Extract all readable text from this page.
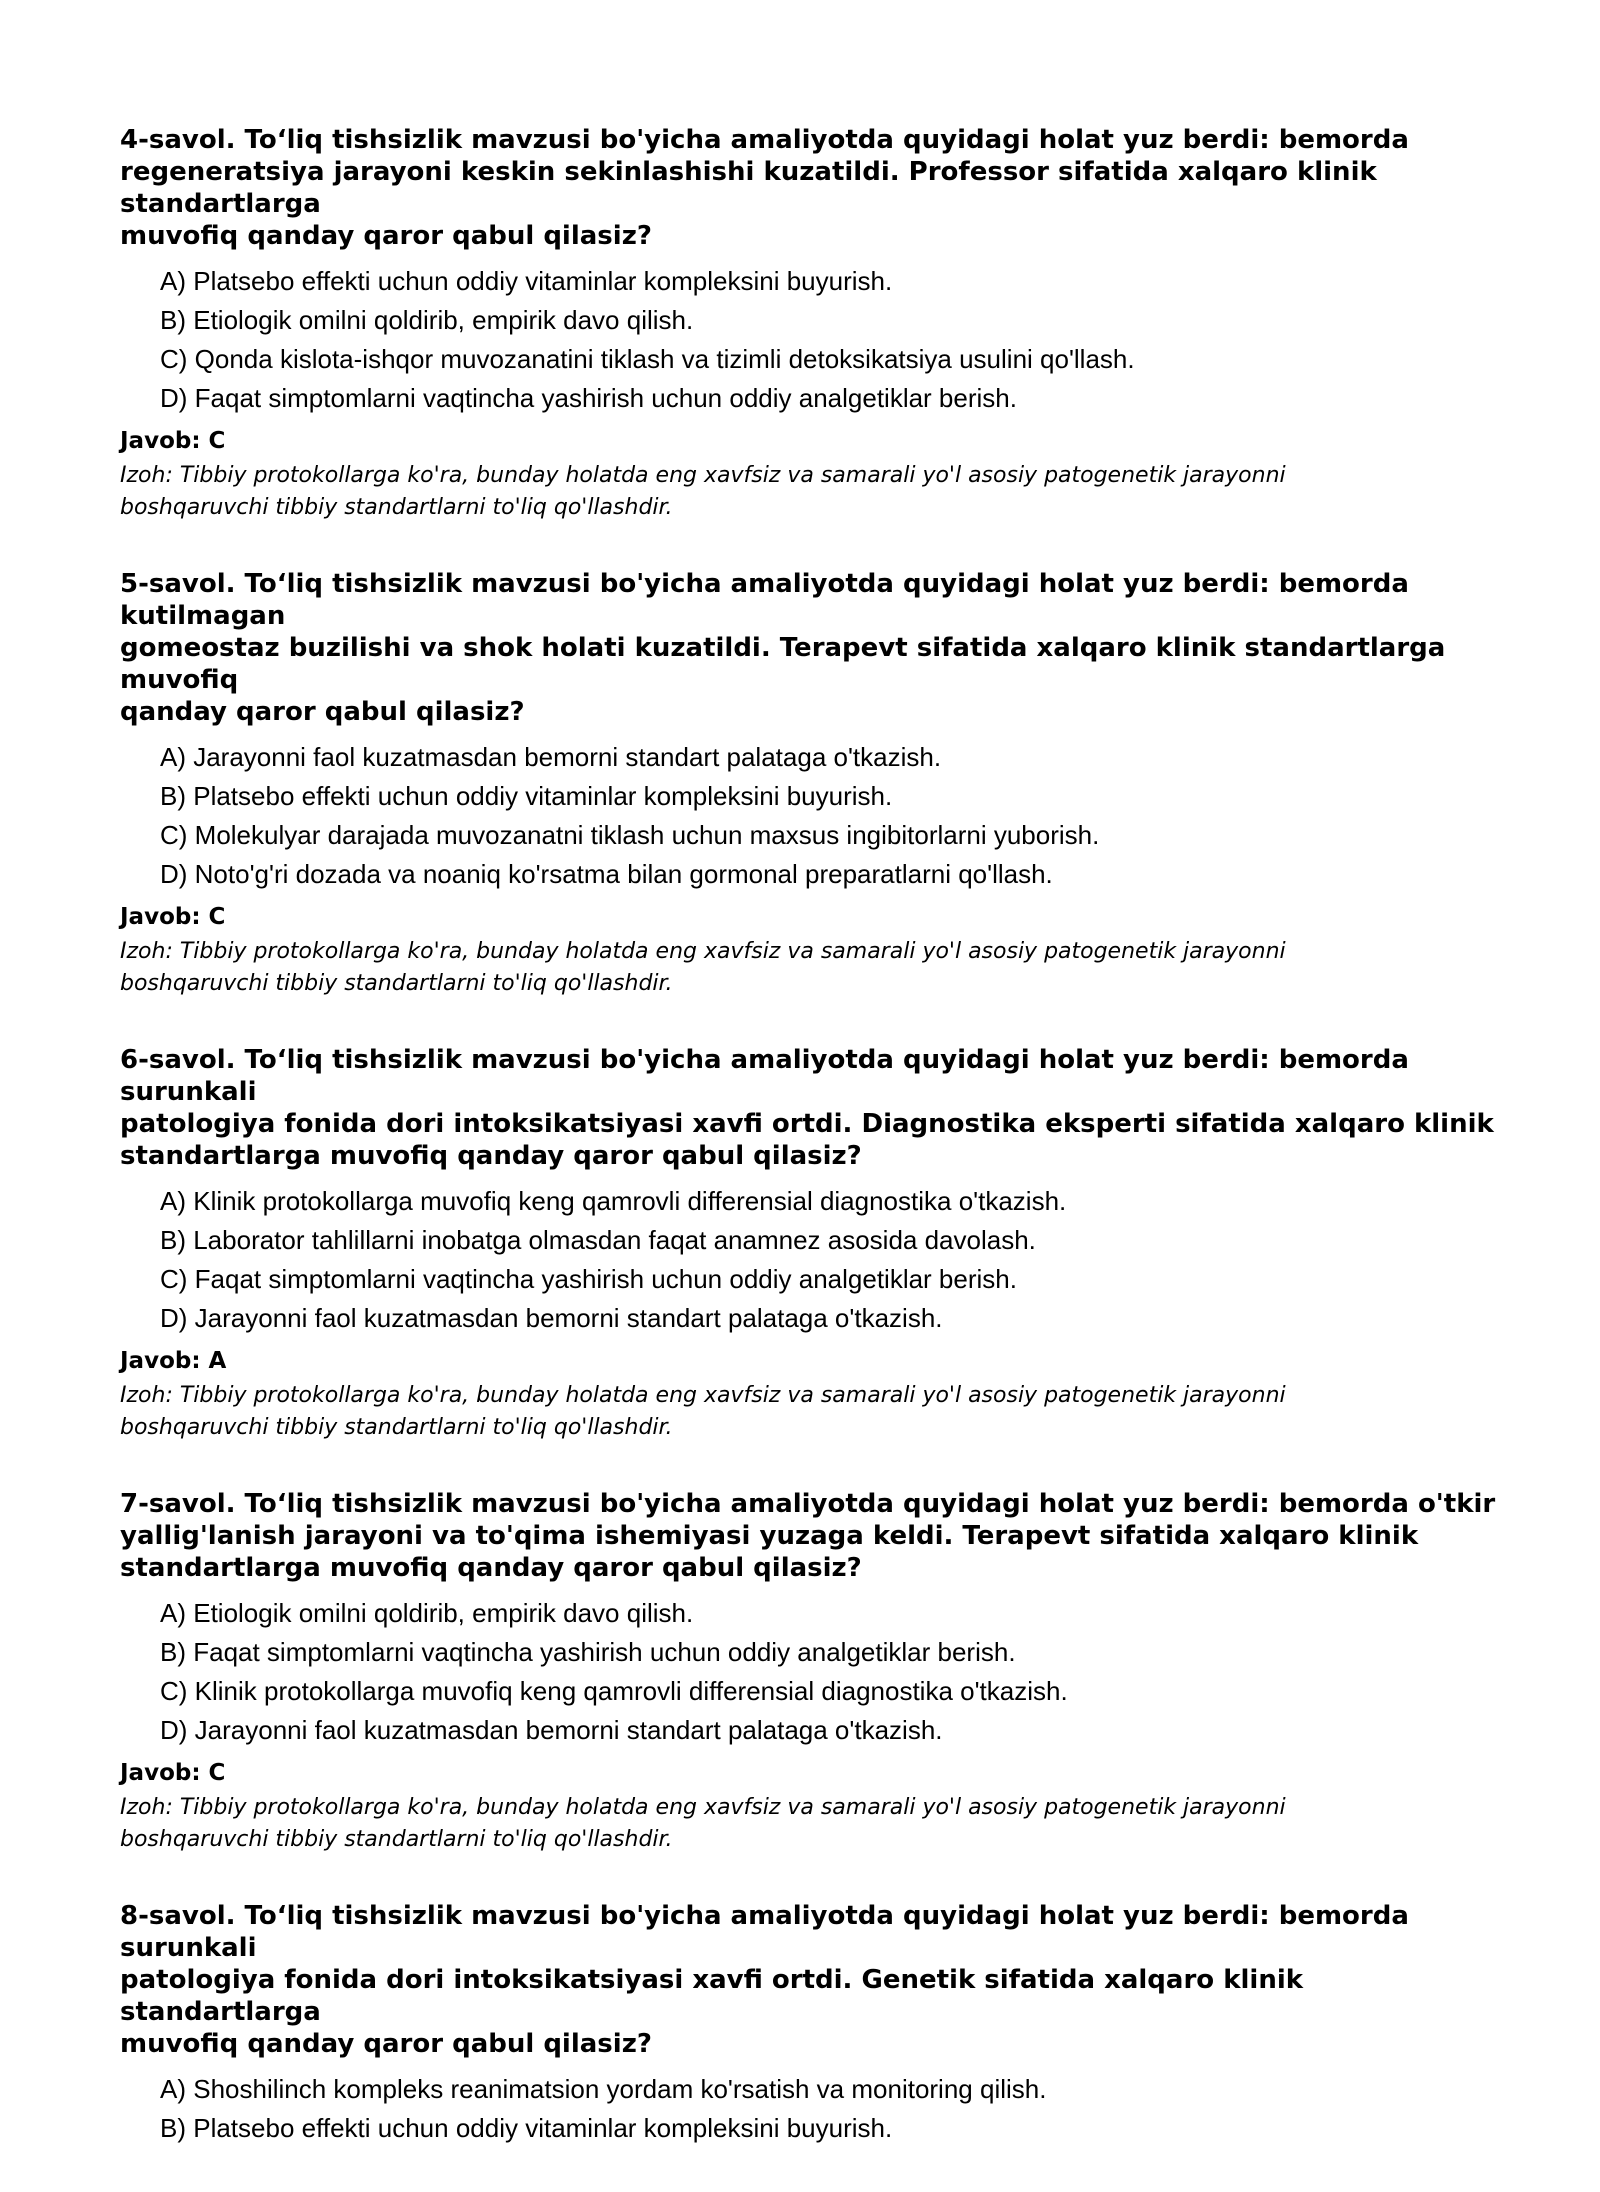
4-savol. To‘liq tishsizlik mavzusi bo'yicha amaliyotda quyidagi holat yuz berdi: bemorda
regeneratsiya jarayoni keskin sekinlashishi kuzatildi. Professor sifatida xalqaro klinik standartlarga
muvofiq qanday qaror qabul qilasiz?
A) Platsebo effekti uchun oddiy vitaminlar kompleksini buyurish.
B) Etiologik omilni qoldirib, empirik davo qilish.
C) Qonda kislota-ishqor muvozanatini tiklash va tizimli detoksikatsiya usulini qo'llash.
D) Faqat simptomlarni vaqtincha yashirish uchun oddiy analgetiklar berish.
Javob: C
Izoh: Tibbiy protokollarga ko'ra, bunday holatda eng xavfsiz va samarali yo'l asosiy patogenetik jarayonni
boshqaruvchi tibbiy standartlarni to'liq qo'llashdir.
5-savol. To‘liq tishsizlik mavzusi bo'yicha amaliyotda quyidagi holat yuz berdi: bemorda kutilmagan
gomeostaz buzilishi va shok holati kuzatildi. Terapevt sifatida xalqaro klinik standartlarga muvofiq
qanday qaror qabul qilasiz?
A) Jarayonni faol kuzatmasdan bemorni standart palataga o'tkazish.
B) Platsebo effekti uchun oddiy vitaminlar kompleksini buyurish.
C) Molekulyar darajada muvozanatni tiklash uchun maxsus ingibitorlarni yuborish.
D) Noto'g'ri dozada va noaniq ko'rsatma bilan gormonal preparatlarni qo'llash.
Javob: C
Izoh: Tibbiy protokollarga ko'ra, bunday holatda eng xavfsiz va samarali yo'l asosiy patogenetik jarayonni
boshqaruvchi tibbiy standartlarni to'liq qo'llashdir.
6-savol. To‘liq tishsizlik mavzusi bo'yicha amaliyotda quyidagi holat yuz berdi: bemorda surunkali
patologiya fonida dori intoksikatsiyasi xavfi ortdi. Diagnostika eksperti sifatida xalqaro klinik
standartlarga muvofiq qanday qaror qabul qilasiz?
A) Klinik protokollarga muvofiq keng qamrovli differensial diagnostika o'tkazish.
B) Laborator tahlillarni inobatga olmasdan faqat anamnez asosida davolash.
C) Faqat simptomlarni vaqtincha yashirish uchun oddiy analgetiklar berish.
D) Jarayonni faol kuzatmasdan bemorni standart palataga o'tkazish.
Javob: A
Izoh: Tibbiy protokollarga ko'ra, bunday holatda eng xavfsiz va samarali yo'l asosiy patogenetik jarayonni
boshqaruvchi tibbiy standartlarni to'liq qo'llashdir.
7-savol. To‘liq tishsizlik mavzusi bo'yicha amaliyotda quyidagi holat yuz berdi: bemorda o'tkir
yallig'lanish jarayoni va to'qima ishemiyasi yuzaga keldi. Terapevt sifatida xalqaro klinik
standartlarga muvofiq qanday qaror qabul qilasiz?
A) Etiologik omilni qoldirib, empirik davo qilish.
B) Faqat simptomlarni vaqtincha yashirish uchun oddiy analgetiklar berish.
C) Klinik protokollarga muvofiq keng qamrovli differensial diagnostika o'tkazish.
D) Jarayonni faol kuzatmasdan bemorni standart palataga o'tkazish.
Javob: C
Izoh: Tibbiy protokollarga ko'ra, bunday holatda eng xavfsiz va samarali yo'l asosiy patogenetik jarayonni
boshqaruvchi tibbiy standartlarni to'liq qo'llashdir.
8-savol. To‘liq tishsizlik mavzusi bo'yicha amaliyotda quyidagi holat yuz berdi: bemorda surunkali
patologiya fonida dori intoksikatsiyasi xavfi ortdi. Genetik sifatida xalqaro klinik standartlarga
muvofiq qanday qaror qabul qilasiz?
A) Shoshilinch kompleks reanimatsion yordam ko'rsatish va monitoring qilish.
B) Platsebo effekti uchun oddiy vitaminlar kompleksini buyurish.
